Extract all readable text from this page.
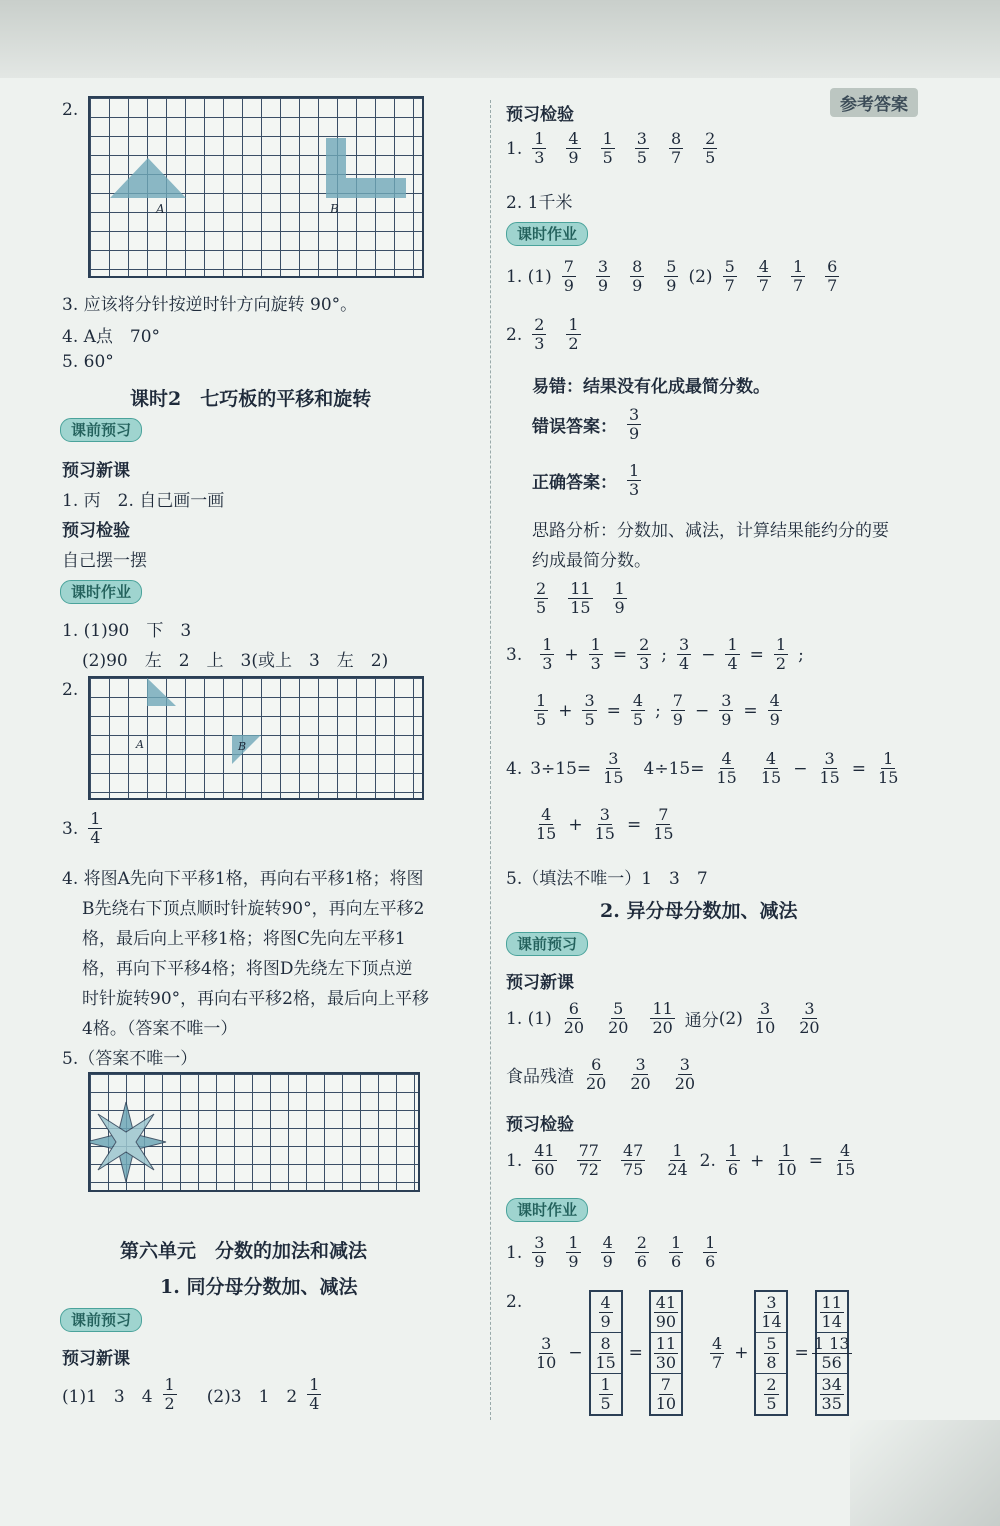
参考答案
2.
A	B
3. 应该将分针按逆时针方向旋转 90°。
4. A点　70°
5. 60°
课时2　七巧板的平移和旋转
课前预习
预习新课
1. 丙　2. 自己画一画
预习检验
自己摆一摆
课时作业
1. (1)90　下　3
(2)90　左　2　上　3(或上　3　左　2)
2.
A	B
3. $\frac{1}{4}$
4. 将图A先向下平移1格，再向右平移1格；将图
B先绕右下顶点顺时针旋转90°，再向左平移2
格，最后向上平移1格；将图C先向左平移1
格，再向下平移4格；将图D先绕左下顶点逆
时针旋转90°，再向右平移2格，最后向上平移
4格。（答案不唯一）
5.（答案不唯一）
第六单元　分数的加法和减法
1. 同分母分数加、减法
课前预习
预习新课
(1)1　3　$4 \frac{1}{2} (2)3$　1　$2 \frac{1}{4}$
预习检验
1. $\frac{1}{3} \frac{4}{9} \frac{1}{5} \frac{3}{5} \frac{8}{7} \frac{2}{5}$
2. 1千米
课时作业
1. $(1) \frac{7}{9} \frac{3}{9} \frac{8}{9} \frac{5}{9} (2) \frac{5}{7} \frac{4}{7} \frac{1}{7} \frac{6}{7}$
2. $\frac{2}{3} \frac{1}{2}$
易错：结果没有化成最简分数。
错误答案： $\frac{3}{9}$
正确答案： $\frac{1}{3}$
思路分析：分数加、减法，计算结果能约分的要
约成最简分数。
$\frac{2}{5} \frac{11}{15} \frac{1}{9}$
3. $\frac{1}{3} + \frac{1}{3} = \frac{2}{3}$ ; $\frac{3}{4} - \frac{1}{4} = \frac{1}{2}$ ;
$\frac{1}{5} + \frac{3}{5} = \frac{4}{5}$ ; $\frac{7}{9} - \frac{3}{9} = \frac{4}{9}$
4. $3\div 15= \frac{3}{15} 4\div 15= \frac{4}{15} \frac{4}{15} - \frac{3}{15} = \frac{1}{15}$
$\frac{4}{15} + \frac{3}{15} = \frac{7}{15}$
5.（填法不唯一）1　3　7
2. 异分母分数加、减法
课前预习
预习新课
1. $(1) \frac{6}{20} \frac{5}{20} \frac{11}{20}$ 通分 $(2) \frac{3}{10} \frac{3}{20}$
食品残渣 $\frac{6}{20} \frac{3}{20} \frac{3}{20}$
预习检验
1. $\frac{41}{60} \frac{77}{72} \frac{47}{75} \frac{1}{24} 2$. $\frac{1}{6} + \frac{1}{10} = \frac{4}{15}$
课时作业
1. $\frac{3}{9} \frac{1}{9} \frac{4}{9} \frac{2}{6} \frac{1}{6} \frac{1}{6}$
2.
$\frac{3}{10}$ −
$\frac{4}{9}$
$\frac{8}{15}$
$\frac{1}{5}$
=
$\frac{41}{90}$
$\frac{11}{30}$
$\frac{7}{10}$
$\frac{4}{7}$ +
$\frac{3}{14}$
$\frac{5}{8}$
$\frac{2}{5}$
=
$\frac{11}{14}$
$\frac{1 13}{56}$
$\frac{34}{35}$
